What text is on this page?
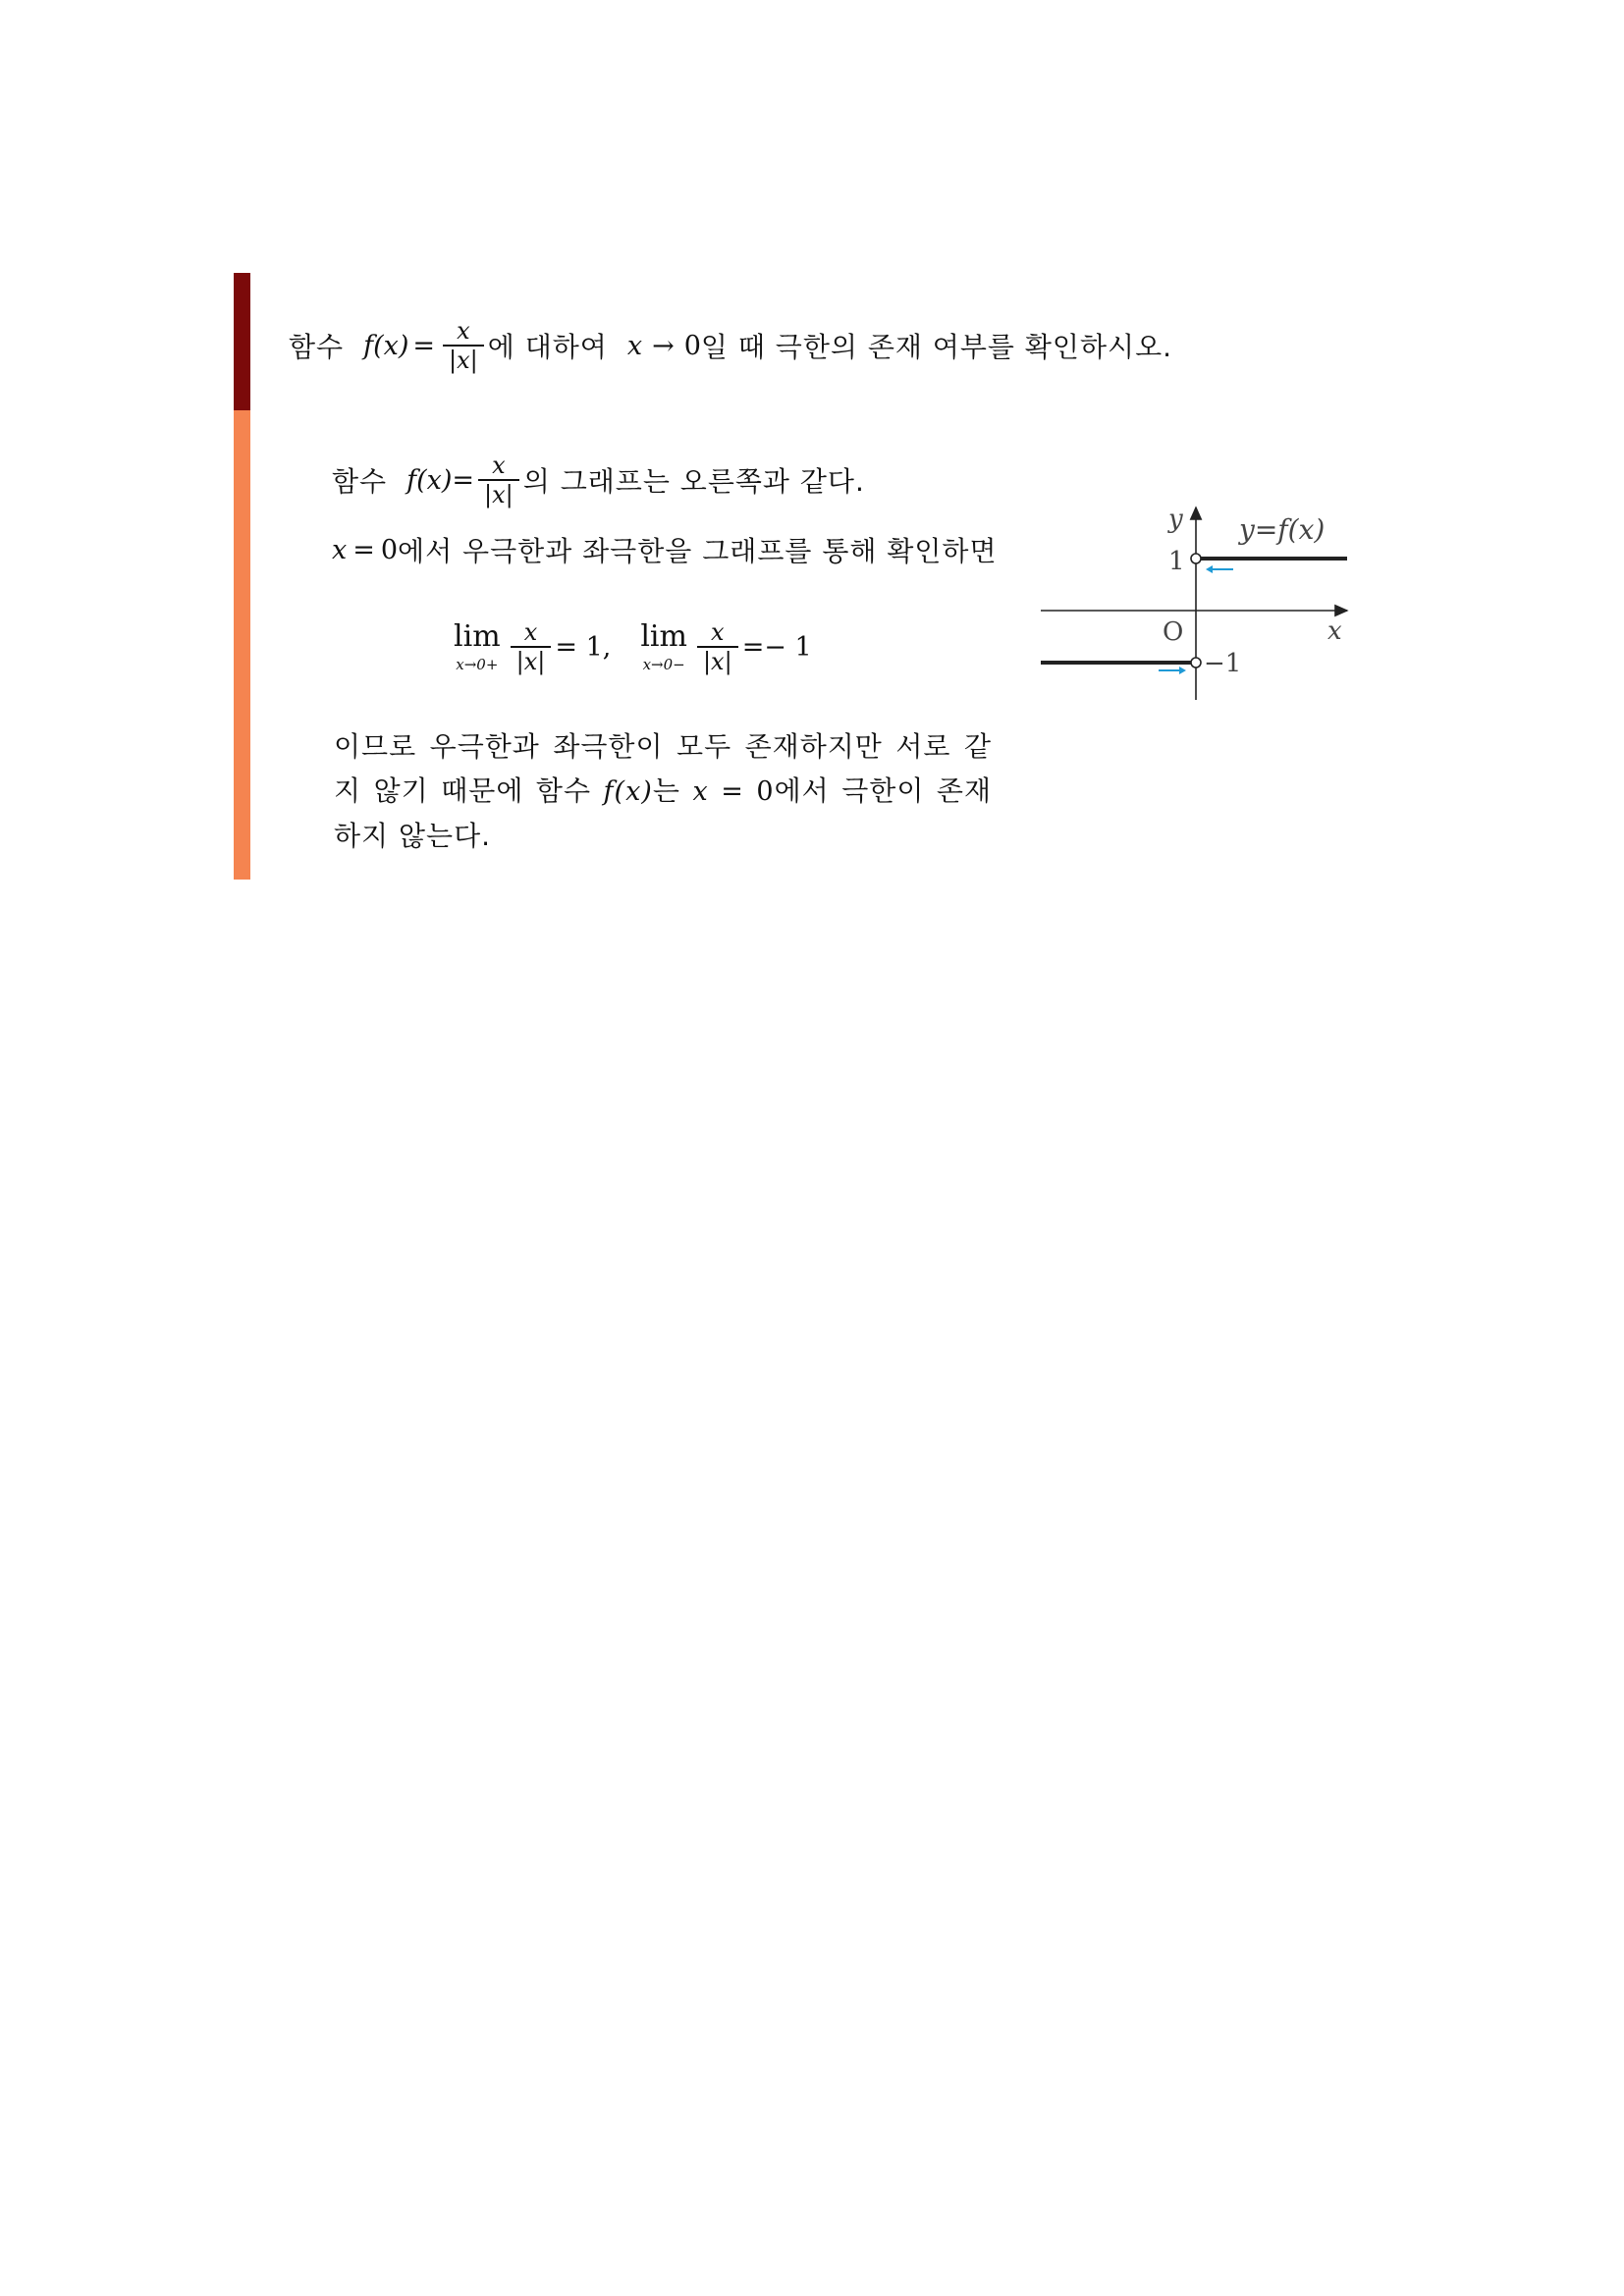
함수 $f(x) = \frac{x}{|x|}$ 에 대하여 x → 0 일 때 극한의 존재 여부를 확인하시오.
함수 $f(x) = \frac{x}{|x|}$ 의 그래프는 오른쪽과 같다.
x = 0 에서 우극한과 좌극한을 그래프를 통해 확인하면
lim
$x\to 0+ \frac{x}{|x|} = 1$, lim
$x\to 0- \frac{x}{|x|} =- 1$
이므로 우극한과 좌극한이 모두 존재하지만 서로 같지 않기 때문에 함수 f(x)는 x = 0에서 극한이 존재하지 않는다.
y
x
O
1
−1
y=f(x)
